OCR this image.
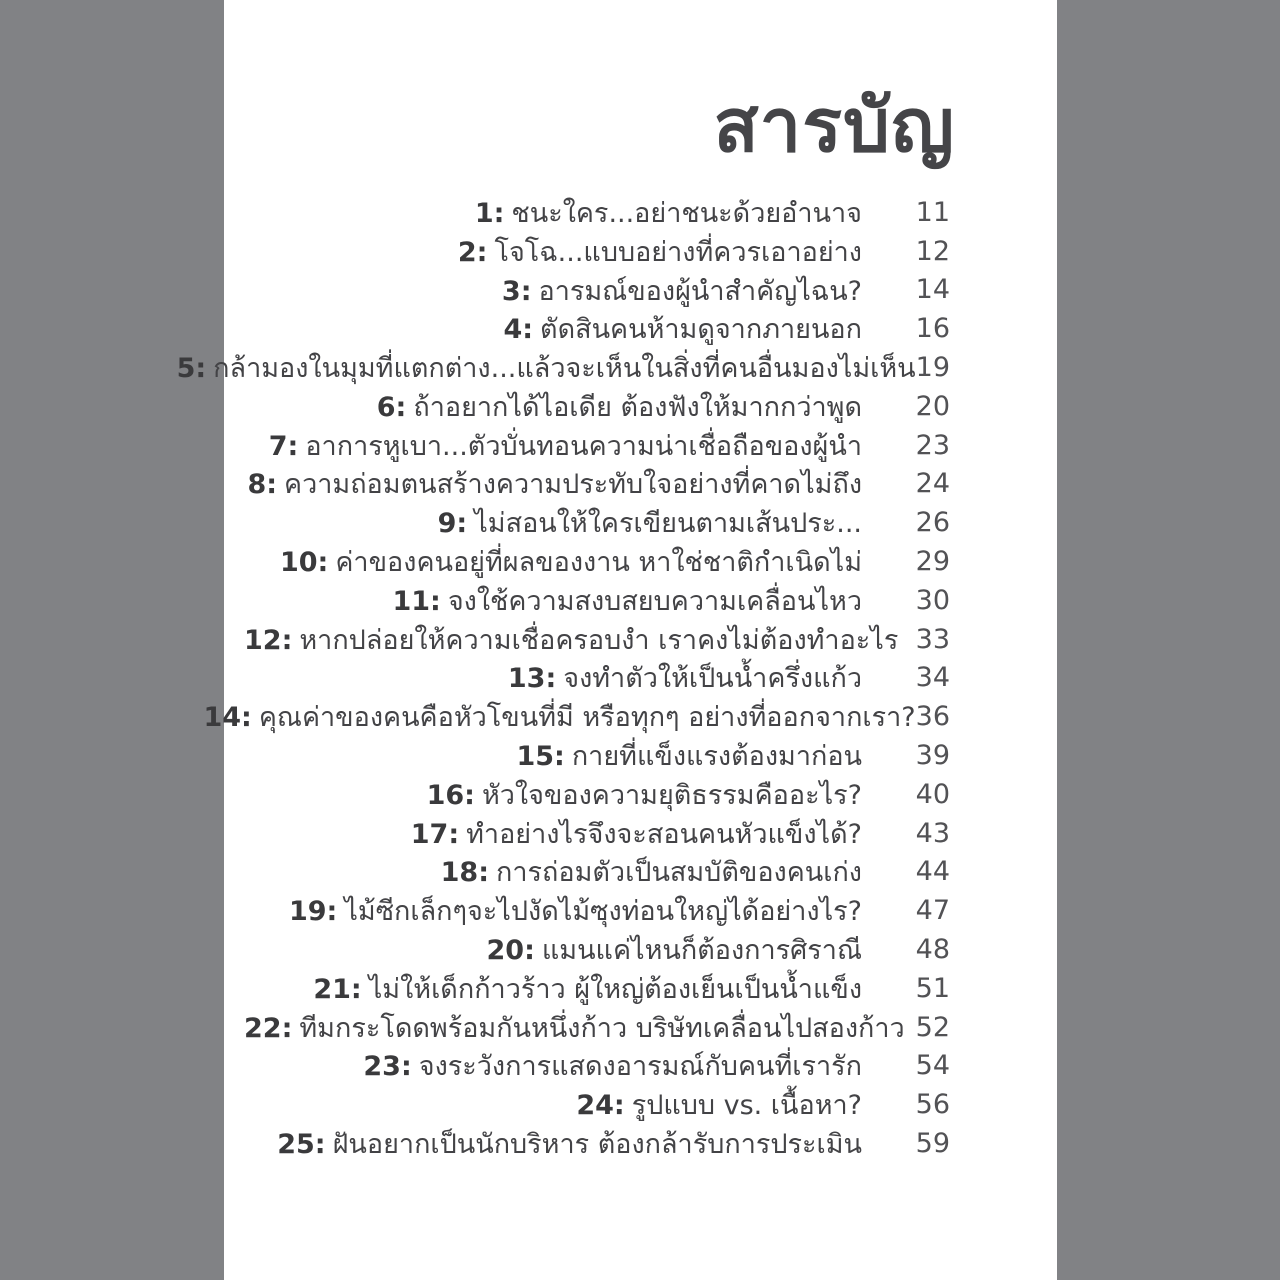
สารบัญ
1: ชนะใคร...อย่าชนะด้วยอำนาจ	11
2: โจโฉ...แบบอย่างที่ควรเอาอย่าง	12
3: อารมณ์ของผู้นำสำคัญไฉน?	14
4: ตัดสินคนห้ามดูจากภายนอก	16
5: กล้ามองในมุมที่แตกต่าง...แล้วจะเห็นในสิ่งที่คนอื่นมองไม่เห็น 19
6: ถ้าอยากได้ไอเดีย ต้องฟังให้มากกว่าพูด	20
7: อาการหูเบา...ตัวบั่นทอนความน่าเชื่อถือของผู้นำ	23
8: ความถ่อมตนสร้างความประทับใจอย่างที่คาดไม่ถึง	24
9: ไม่สอนให้ใครเขียนตามเส้นประ...	26
10: ค่าของคนอยู่ที่ผลของงาน หาใช่ชาติกำเนิดไม่	29
11: จงใช้ความสงบสยบความเคลื่อนไหว	30
12: หากปล่อยให้ความเชื่อครอบงำ เราคงไม่ต้องทำอะไร 33
13: จงทำตัวให้เป็นน้ำครึ่งแก้ว	34
14: คุณค่าของคนคือหัวโขนที่มี หรือทุกๆ อย่างที่ออกจากเรา? 36
15: กายที่แข็งแรงต้องมาก่อน	39
16: หัวใจของความยุติธรรมคืออะไร?	40
17: ทำอย่างไรจึงจะสอนคนหัวแข็งได้?	43
18: การถ่อมตัวเป็นสมบัติของคนเก่ง	44
19: ไม้ซีกเล็กๆจะไปงัดไม้ซุงท่อนใหญ่ได้อย่างไร?	47
20: แมนแค่ไหนก็ต้องการศิราณี	48
21: ไม่ให้เด็กก้าวร้าว ผู้ใหญ่ต้องเย็นเป็นน้ำแข็ง	51
22: ทีมกระโดดพร้อมกันหนึ่งก้าว บริษัทเคลื่อนไปสองก้าว 52
23: จงระวังการแสดงอารมณ์กับคนที่เรารัก	54
24: รูปแบบ vs. เนื้อหา?	56
25: ฝันอยากเป็นนักบริหาร ต้องกล้ารับการประเมิน	59
